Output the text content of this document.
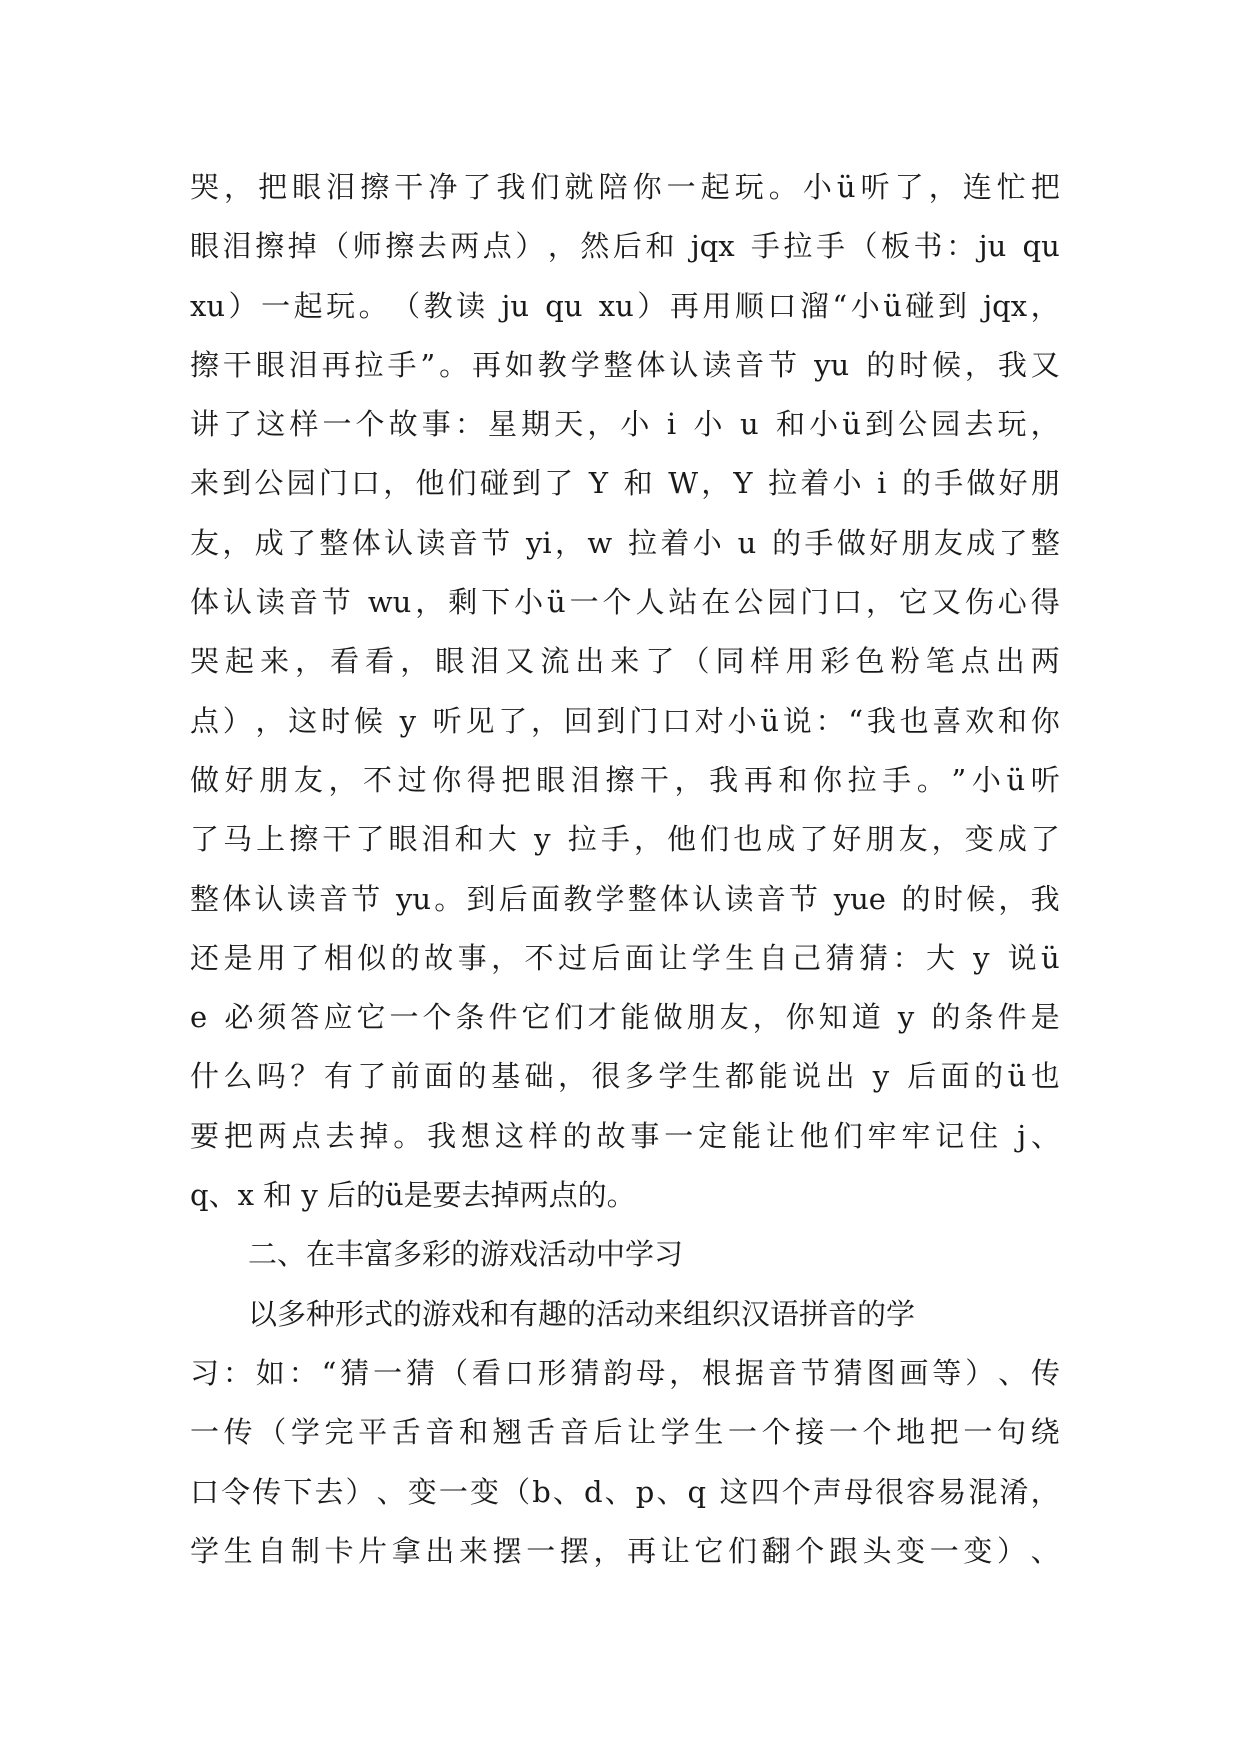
哭 ， 把 眼 泪 擦 干 净 了 我 们 就 陪 你 一 起 玩 。 小 ü 听 了 ， 连 忙 把
眼 泪 擦 掉 （ 师 擦 去 两 点 ） ， 然 后 和
jqx
手 拉 手 （ 板 书 ： ju
qu
xu ） 一 起 玩 。 （ 教 读
ju
qu
xu ） 再 用 顺 口 溜 “ 小 ü 碰 到
jqx ，
擦 干 眼 泪 再 拉 手 ” 。 再 如 教 学 整 体 认 读 音 节
yu
的 时 候 ， 我 又
讲 了 这 样 一 个 故 事 ： 星 期 天 ， 小
i
小
u
和 小 ü 到 公 园 去 玩 ，
来 到 公 园 门 口 ， 他 们 碰 到 了
Y
和
W ， Y
拉 着 小
i
的 手 做 好 朋
友 ， 成 了 整 体 认 读 音 节
yi ， w
拉 着 小
u
的 手 做 好 朋 友 成 了 整
体 认 读 音 节
wu ， 剩 下 小 ü 一 个 人 站 在 公 园 门 口 ， 它 又 伤 心 得
哭 起 来 ， 看 看 ， 眼 泪 又 流 出 来 了 （ 同 样 用 彩 色 粉 笔 点 出 两
点 ） ， 这 时 候
y
听 见 了 ， 回 到 门 口 对 小 ü 说 ： “ 我 也 喜 欢 和 你
做 好 朋 友 ， 不 过 你 得 把 眼 泪 擦 干 ， 我 再 和 你 拉 手 。 ” 小 ü 听
了 马 上 擦 干 了 眼 泪 和 大
y
拉 手 ， 他 们 也 成 了 好 朋 友 ， 变 成 了
整 体 认 读 音 节
yu 。 到 后 面 教 学 整 体 认 读 音 节
yue
的 时 候 ， 我
还 是 用 了 相 似 的 故 事 ， 不 过 后 面 让 学 生 自 己 猜 猜 ： 大
y
说 ü
e
必 须 答 应 它 一 个 条 件 它 们 才 能 做 朋 友 ， 你 知 道
y
的 条 件 是
什 么 吗 ？ 有 了 前 面 的 基 础 ， 很 多 学 生 都 能 说 出
y
后 面 的 ü 也
要 把 两 点 去 掉 。 我 想 这 样 的 故 事 一 定 能 让 他 们 牢 牢 记 住
j 、
q、x 和 y 后的ü是要去掉两点的。
二、在丰富多彩的游戏活动中学习
以多种形式的游戏和有趣的活动来组织汉语拼音的学
习 ： 如 ： “ 猜 一 猜 （ 看 口 形 猜 韵 母 ， 根 据 音 节 猜 图 画 等 ） 、 传
一 传 （ 学 完 平 舌 音 和 翘 舌 音 后 让 学 生 一 个 接 一 个 地 把 一 句 绕
口 令 传 下 去 ） 、 变 一 变 （ b 、 d 、 p 、 q
这 四 个 声 母 很 容 易 混 淆 ，
学 生 自 制 卡 片 拿 出 来 摆 一 摆 ， 再 让 它 们 翻 个 跟 头 变 一 变 ） 、
